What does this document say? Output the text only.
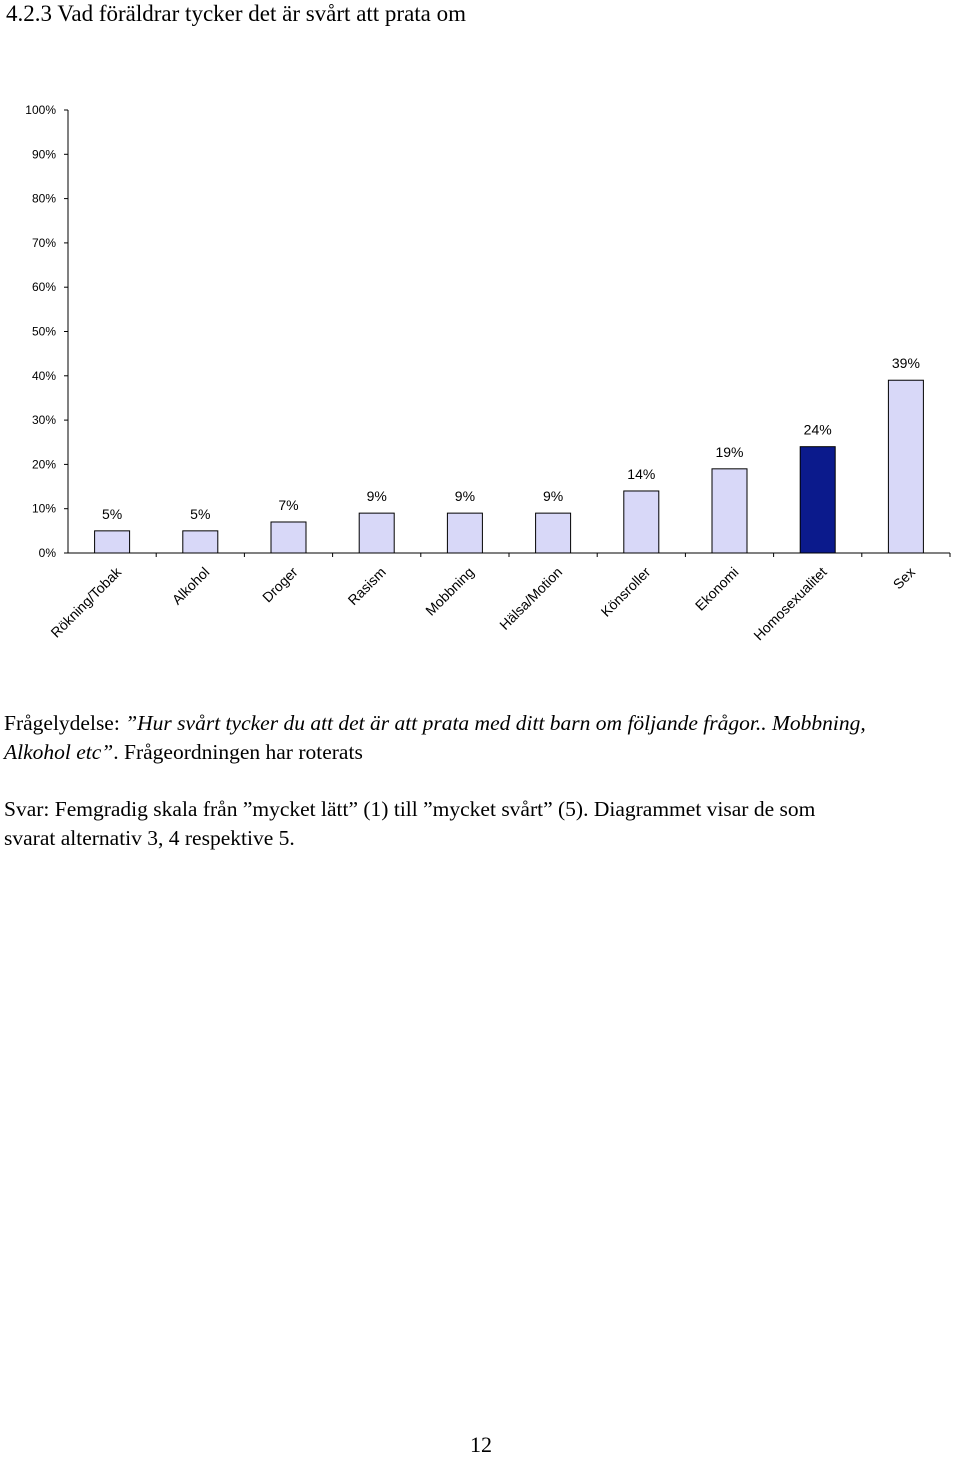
4.2.3 Vad föräldrar tycker det är svårt att prata om
0%
10%
20%
30%
40%
50%
60%
70%
80%
90%
100%
5%
Rökning/Tobak
5%
Alkohol
7%
Droger
9%
Rasism
9%
Mobbning
9%
Hälsa/Motion
14%
Könsroller
19%
Ekonomi
24%
Homosexualitet
39%
Sex

Frågelydelse: ”Hur svårt tycker du att det är att prata med ditt barn om följande frågor.. Mobbning, Alkohol etc”. Frågeordningen har roterats

Svar: Femgradig skala från ”mycket lätt” (1) till ”mycket svårt” (5). Diagrammet visar de som
svarat alternativ 3, 4 respektive 5.

12
